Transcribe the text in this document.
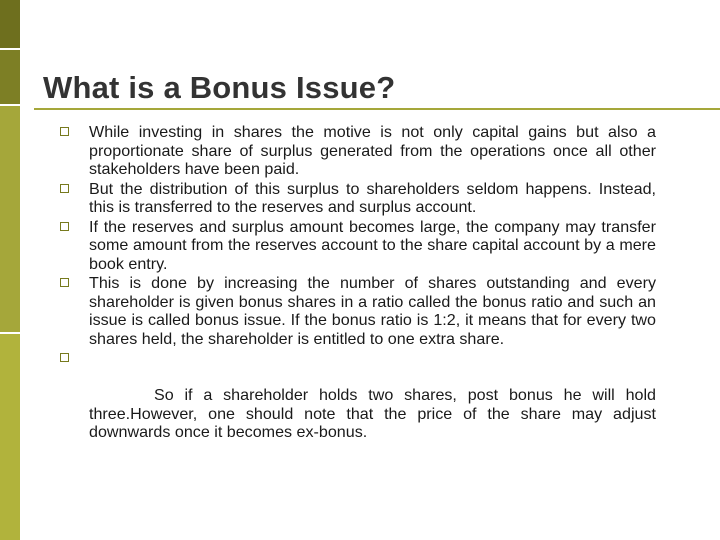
What is a Bonus Issue?
While investing in shares the motive is not only capital gains but also a proportionate share of surplus generated from the operations once all other stakeholders have been paid.
But the distribution of this surplus to shareholders seldom happens. Instead, this is transferred to the reserves and surplus account.
If the reserves and surplus amount becomes large, the company may transfer some amount from the reserves account to the share capital account by a mere book entry.
This is done by increasing the number of shares outstanding and every shareholder is given bonus shares in a ratio called the bonus ratio and such an issue is called bonus issue. If the bonus ratio is 1:2, it means that for every two shares held, the shareholder is entitled to one extra share.

So if a shareholder holds two shares, post bonus he will hold three.However, one should note that the price of the share may adjust downwards once it becomes ex-bonus.
